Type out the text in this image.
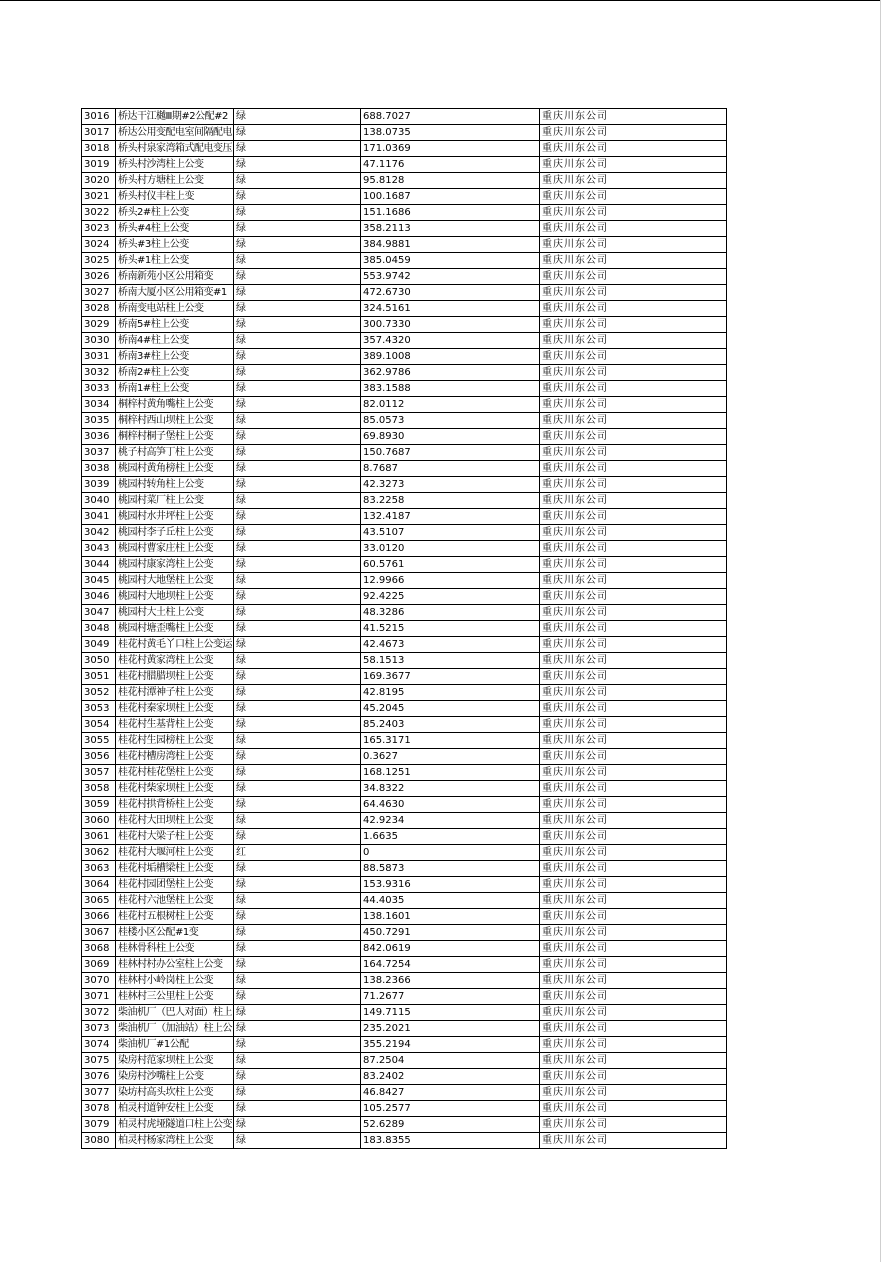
3016	桥达干江樾Ⅲ期#2公配#2	绿	688.7027	重庆川东公司
3017	桥达公用变配电室间隔配电	绿	138.0735	重庆川东公司
3018	桥头村泉家湾箱式配电变压	绿	171.0369	重庆川东公司
3019	桥头村沙湾柱上公变	绿	47.1176	重庆川东公司
3020	桥头村方塘柱上公变	绿	95.8128	重庆川东公司
3021	桥头村仪丰柱上变	绿	100.1687	重庆川东公司
3022	桥头2#柱上公变	绿	151.1686	重庆川东公司
3023	桥头#4柱上公变	绿	358.2113	重庆川东公司
3024	桥头#3柱上公变	绿	384.9881	重庆川东公司
3025	桥头#1柱上公变	绿	385.0459	重庆川东公司
3026	桥南新苑小区公用箱变	绿	553.9742	重庆川东公司
3027	桥南大厦小区公用箱变#1	绿	472.6730	重庆川东公司
3028	桥南变电站柱上公变	绿	324.5161	重庆川东公司
3029	桥南5#柱上公变	绿	300.7330	重庆川东公司
3030	桥南4#柱上公变	绿	357.4320	重庆川东公司
3031	桥南3#柱上公变	绿	389.1008	重庆川东公司
3032	桥南2#柱上公变	绿	362.9786	重庆川东公司
3033	桥南1#柱上公变	绿	383.1588	重庆川东公司
3034	桐梓村黄角嘴柱上公变	绿	82.0112	重庆川东公司
3035	桐梓村西山坝柱上公变	绿	85.0573	重庆川东公司
3036	桐梓村桐子堡柱上公变	绿	69.8930	重庆川东公司
3037	桃子村高笋丁柱上公变	绿	150.7687	重庆川东公司
3038	桃园村黄角榜柱上公变	绿	8.7687	重庆川东公司
3039	桃园村转角柱上公变	绿	42.3273	重庆川东公司
3040	桃园村菜厂柱上公变	绿	83.2258	重庆川东公司
3041	桃园村水井坪柱上公变	绿	132.4187	重庆川东公司
3042	桃园村李子丘柱上公变	绿	43.5107	重庆川东公司
3043	桃园村曹家庄柱上公变	绿	33.0120	重庆川东公司
3044	桃园村康家湾柱上公变	绿	60.5761	重庆川东公司
3045	桃园村大地堡柱上公变	绿	12.9966	重庆川东公司
3046	桃园村大地坝柱上公变	绿	92.4225	重庆川东公司
3047	桃园村大土柱上公变	绿	48.3286	重庆川东公司
3048	桃园村塘歪嘴柱上公变	绿	41.5215	重庆川东公司
3049	桂花村黄毛丫口柱上公变运	绿	42.4673	重庆川东公司
3050	桂花村黄家湾柱上公变	绿	58.1513	重庆川东公司
3051	桂花村腊腊坝柱上公变	绿	169.3677	重庆川东公司
3052	桂花村潭神子柱上公变	绿	42.8195	重庆川东公司
3053	桂花村秦家坝柱上公变	绿	45.2045	重庆川东公司
3054	桂花村生基背柱上公变	绿	85.2403	重庆川东公司
3055	桂花村生园榜柱上公变	绿	165.3171	重庆川东公司
3056	桂花村槽房湾柱上公变	绿	0.3627	重庆川东公司
3057	桂花村桂花堡柱上公变	绿	168.1251	重庆川东公司
3058	桂花村柴家坝柱上公变	绿	34.8322	重庆川东公司
3059	桂花村拱背桥柱上公变	绿	64.4630	重庆川东公司
3060	桂花村大田坝柱上公变	绿	42.9234	重庆川东公司
3061	桂花村大梁子柱上公变	绿	1.6635	重庆川东公司
3062	桂花村大堰河柱上公变	红	0	重庆川东公司
3063	桂花村垢槽梁柱上公变	绿	88.5873	重庆川东公司
3064	桂花村园团堡柱上公变	绿	153.9316	重庆川东公司
3065	桂花村六池堡柱上公变	绿	44.4035	重庆川东公司
3066	桂花村五根树柱上公变	绿	138.1601	重庆川东公司
3067	桂楼小区公配#1变	绿	450.7291	重庆川东公司
3068	桂林骨科柱上公变	绿	842.0619	重庆川东公司
3069	桂林村村办公室柱上公变	绿	164.7254	重庆川东公司
3070	桂林村小岭岗柱上公变	绿	138.2366	重庆川东公司
3071	桂林村三公里柱上公变	绿	71.2677	重庆川东公司
3072	柴油机厂（巴人对面）柱上	绿	149.7115	重庆川东公司
3073	柴油机厂（加油站）柱上公	绿	235.2021	重庆川东公司
3074	柴油机厂#1公配	绿	355.2194	重庆川东公司
3075	染房村范家坝柱上公变	绿	87.2504	重庆川东公司
3076	染房村沙嘴柱上公变	绿	83.2402	重庆川东公司
3077	染坊村高头坎柱上公变	绿	46.8427	重庆川东公司
3078	柏灵村道钟安柱上公变	绿	105.2577	重庆川东公司
3079	柏灵村虎垭隧道口柱上公变	绿	52.6289	重庆川东公司
3080	柏灵村杨家湾柱上公变	绿	183.8355	重庆川东公司
